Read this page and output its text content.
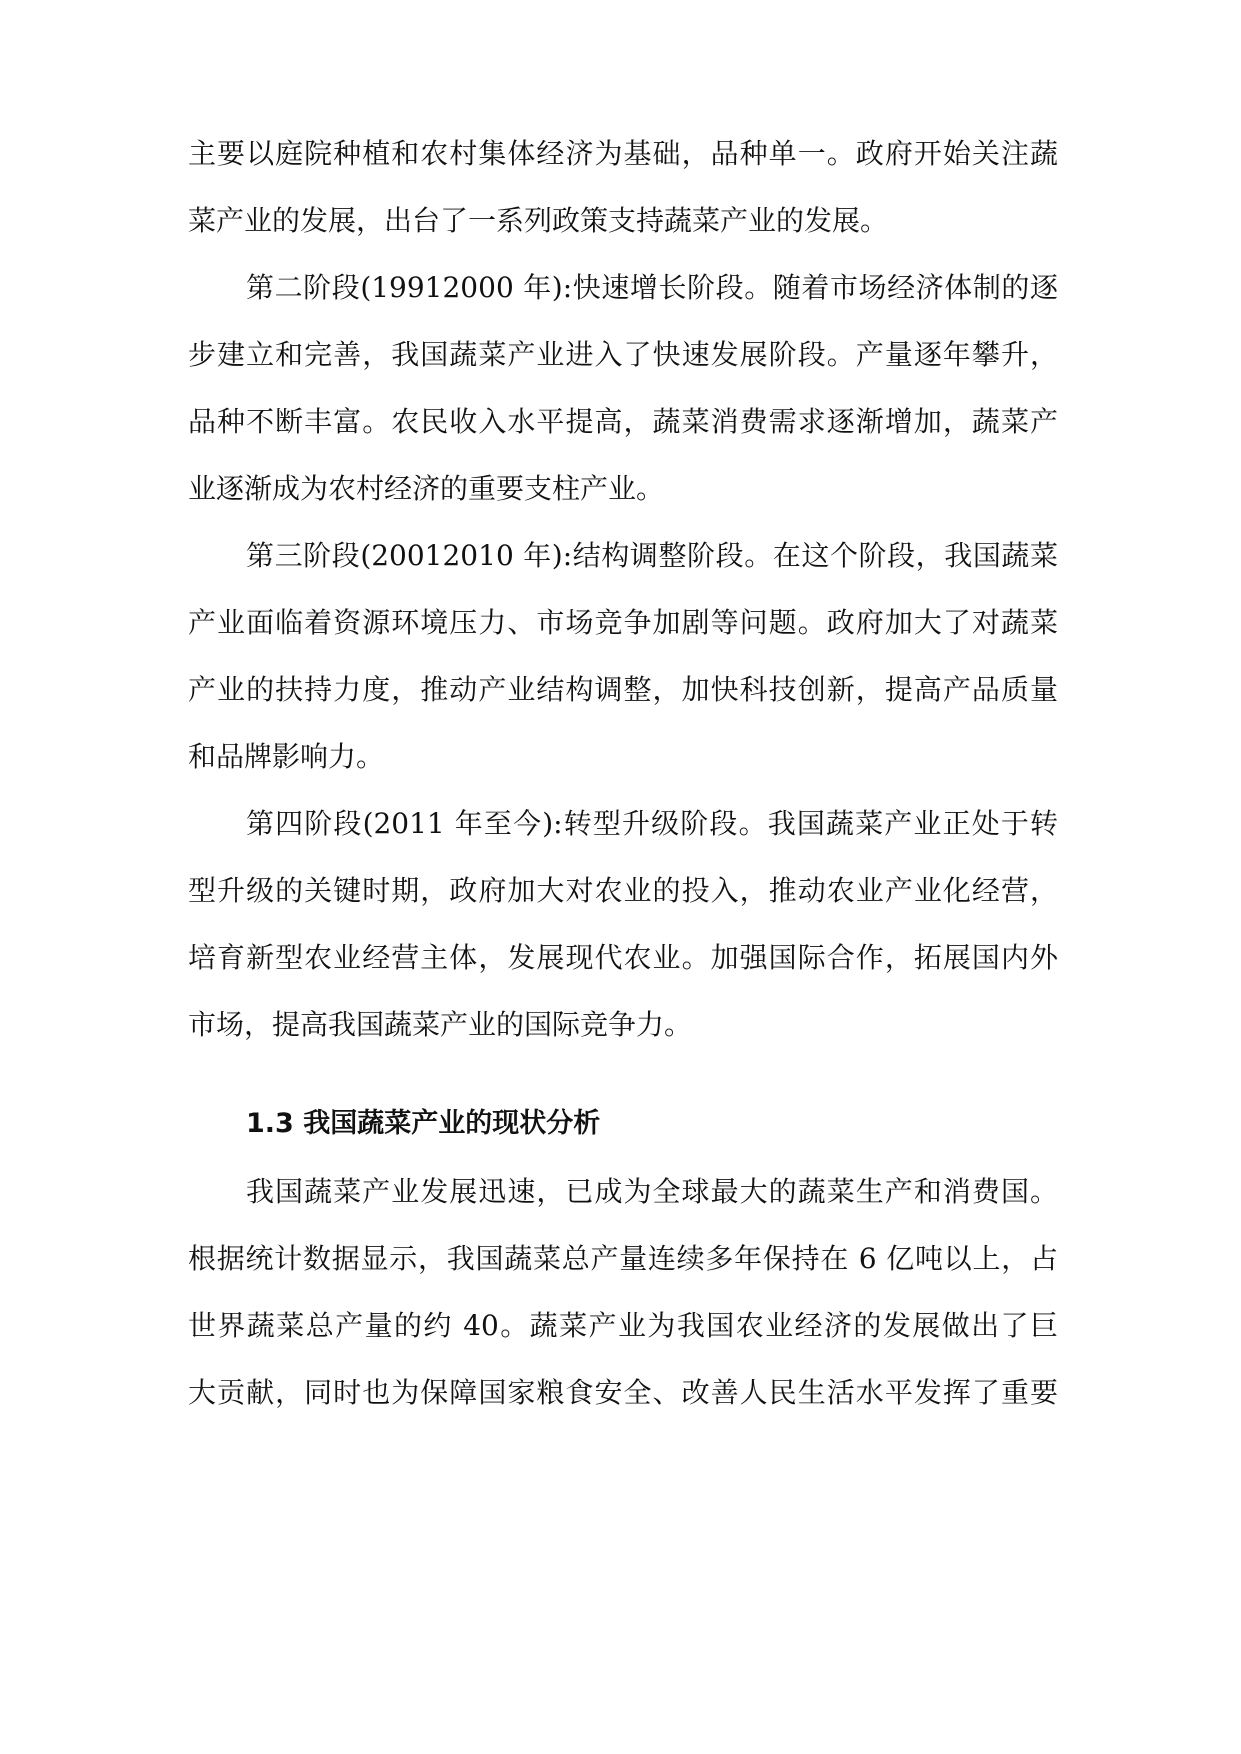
主要以庭院种植和农村集体经济为基础，品种单一。政府开始关注蔬
菜产业的发展，出台了一系列政策支持蔬菜产业的发展。
第二阶段(19912000 年):快速增长阶段。随着市场经济体制的逐
步建立和完善，我国蔬菜产业进入了快速发展阶段。产量逐年攀升，
品种不断丰富。农民收入水平提高，蔬菜消费需求逐渐增加，蔬菜产
业逐渐成为农村经济的重要支柱产业。
第三阶段(20012010 年):结构调整阶段。在这个阶段，我国蔬菜
产业面临着资源环境压力、市场竞争加剧等问题。政府加大了对蔬菜
产业的扶持力度，推动产业结构调整，加快科技创新，提高产品质量
和品牌影响力。
第四阶段(2011 年至今):转型升级阶段。我国蔬菜产业正处于转
型升级的关键时期，政府加大对农业的投入，推动农业产业化经营，
培育新型农业经营主体，发展现代农业。加强国际合作，拓展国内外
市场，提高我国蔬菜产业的国际竞争力。
1.3 我国蔬菜产业的现状分析
我国蔬菜产业发展迅速，已成为全球最大的蔬菜生产和消费国。
根据统计数据显示，我国蔬菜总产量连续多年保持在 6 亿吨以上，占
世界蔬菜总产量的约 40。蔬菜产业为我国农业经济的发展做出了巨
大贡献，同时也为保障国家粮食安全、改善人民生活水平发挥了重要
